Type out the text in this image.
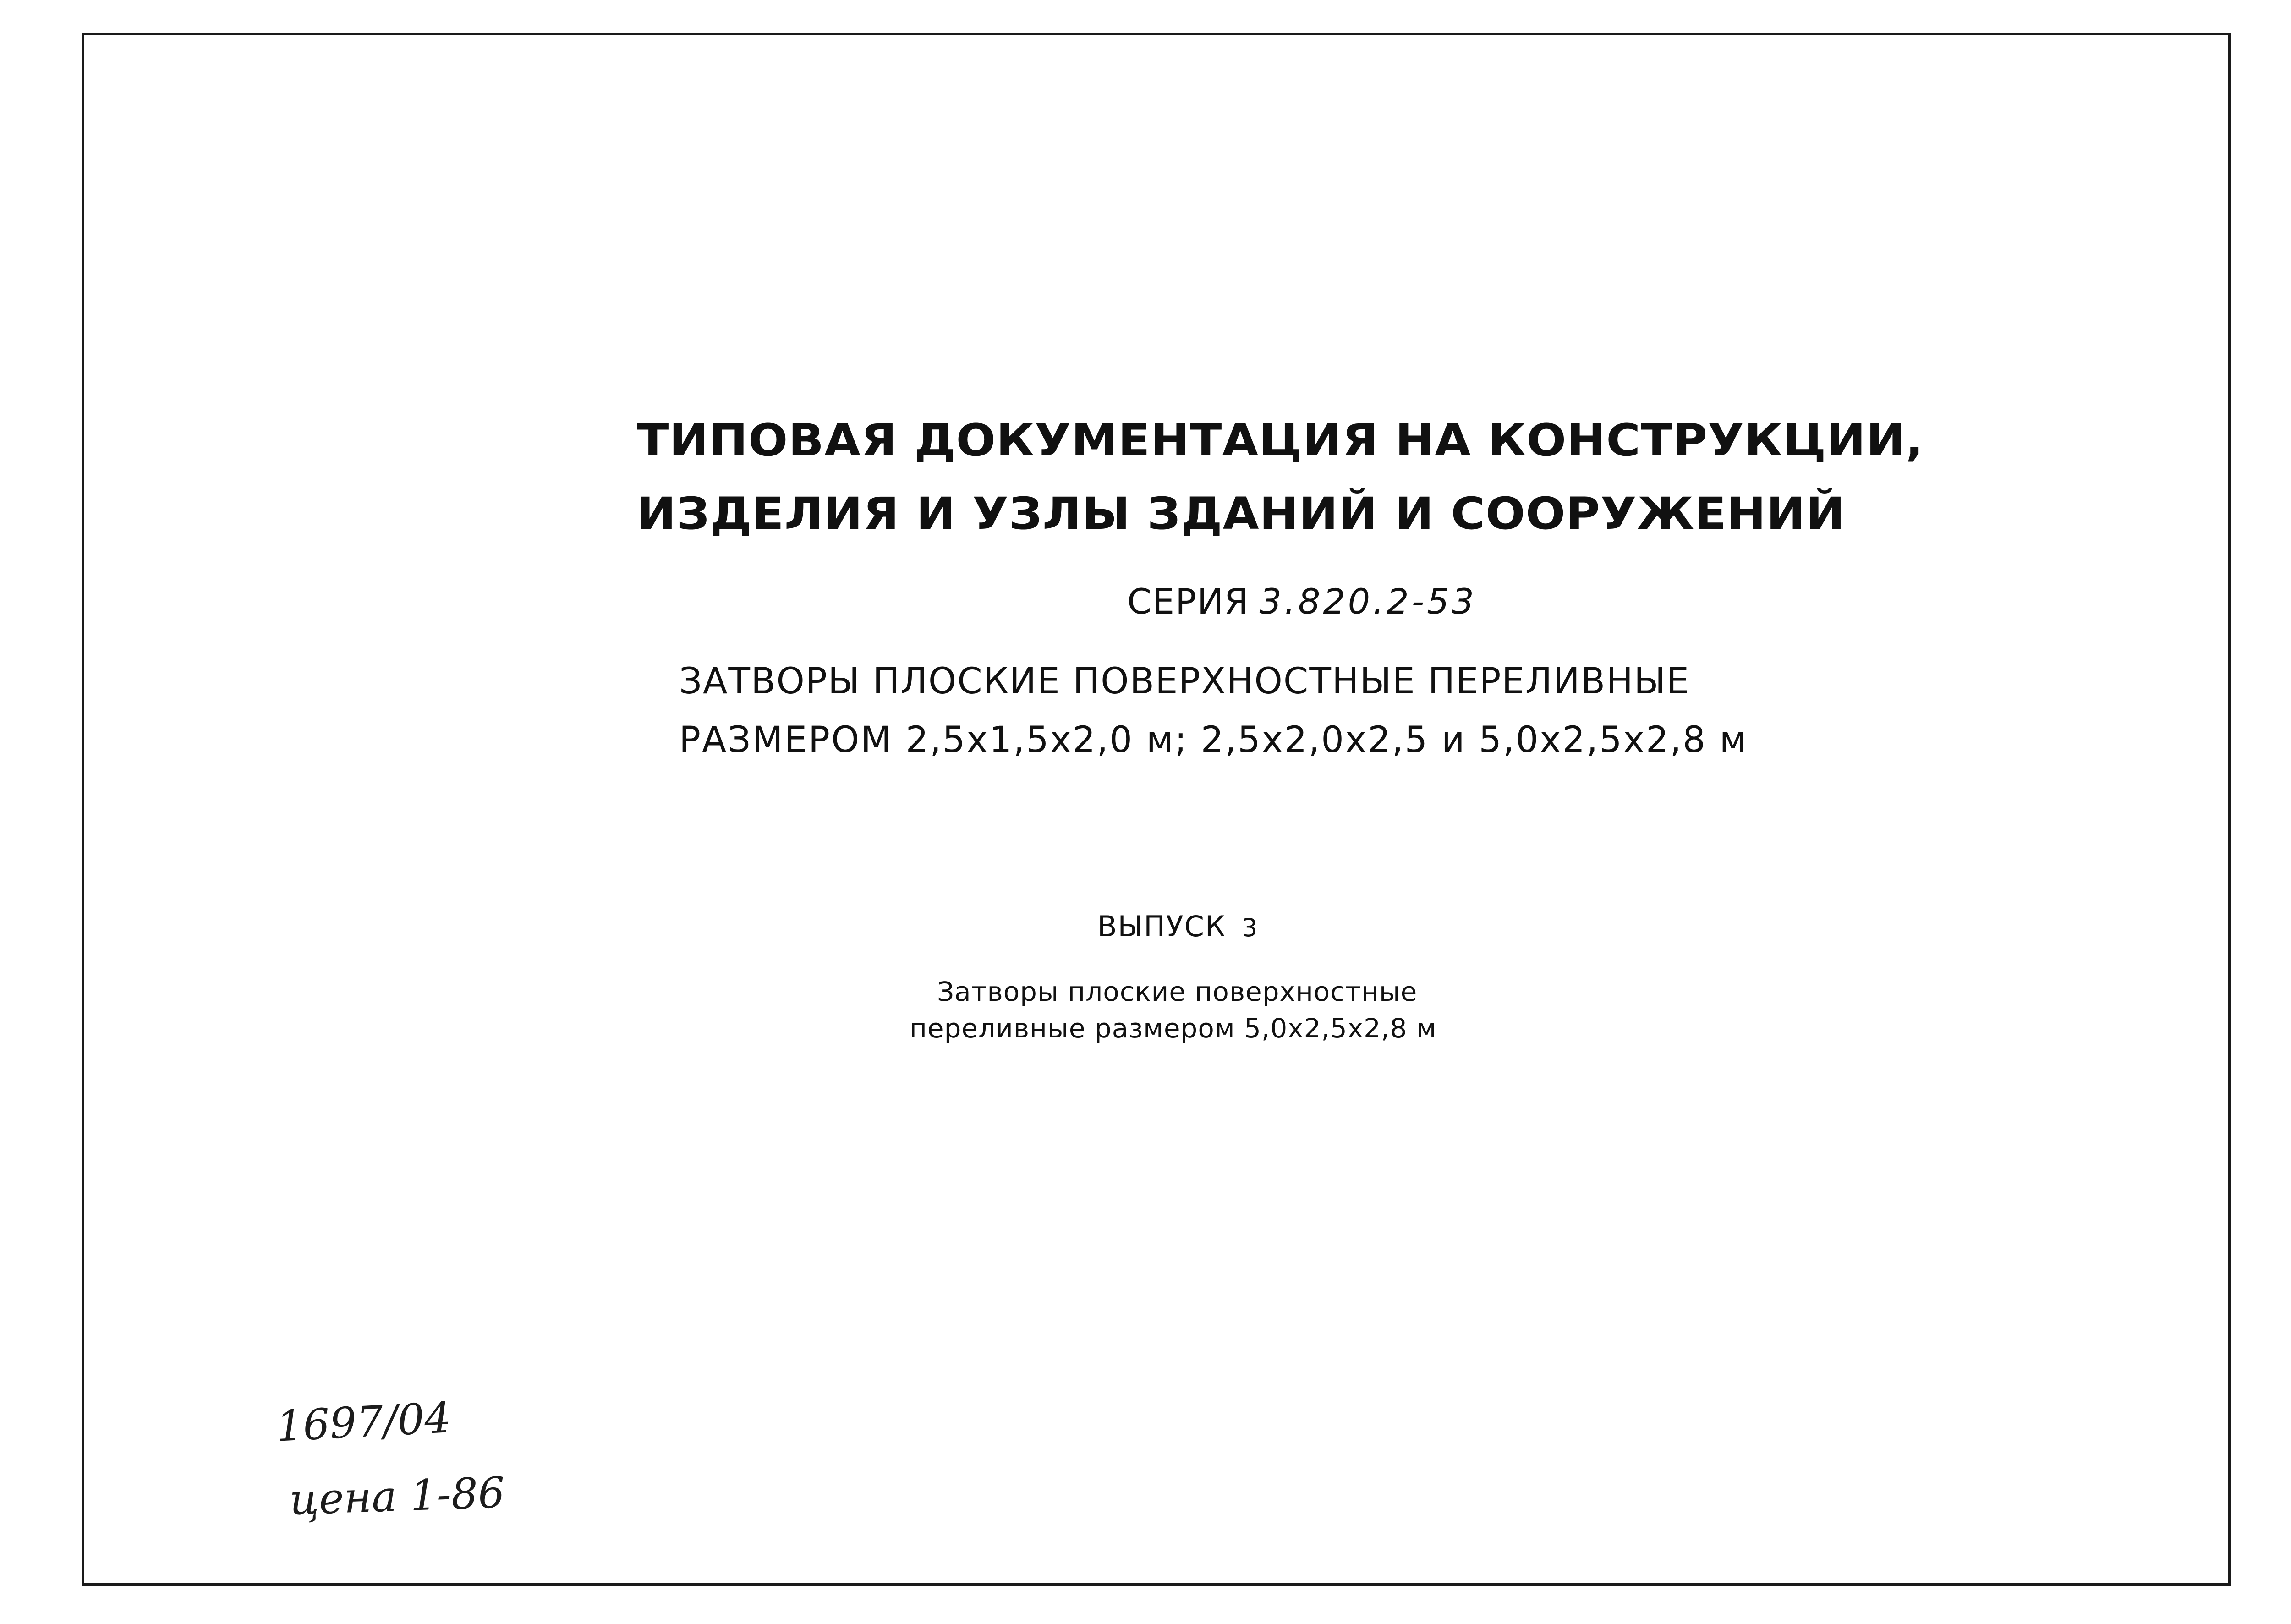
ТИПОВАЯ ДОКУМЕНТАЦИЯ НА КОНСТРУКЦИИ,
ИЗДЕЛИЯ И УЗЛЫ ЗДАНИЙ И СООРУЖЕНИЙ
СЕРИЯ 3.820.2-53
ЗАТВОРЫ ПЛОСКИЕ ПОВЕРХНОСТНЫЕ ПЕРЕЛИВНЫЕ
РАЗМЕРОМ 2,5х1,5х2,0 м; 2,5х2,0х2,5 и 5,0х2,5х2,8 м
ВЫПУСК 3
Затворы плоские поверхностные
переливные размером 5,0х2,5х2,8 м
1697/04
цена 1-86
